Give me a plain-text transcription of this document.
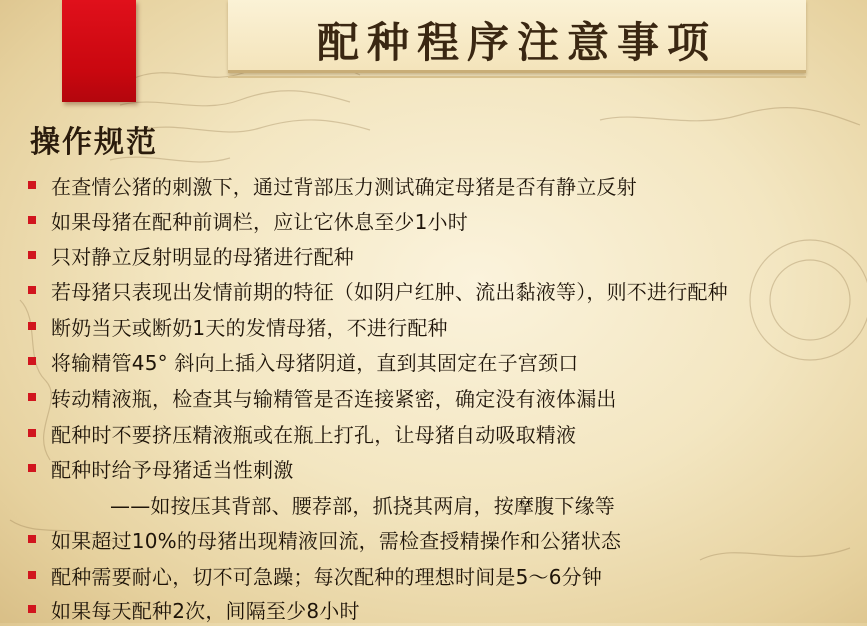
配种程序注意事项
操作规范
在查情公猪的刺激下，通过背部压力测试确定母猪是否有静立反射
如果母猪在配种前调栏，应让它休息至少1小时
只对静立反射明显的母猪进行配种
若母猪只表现出发情前期的特征（如阴户红肿、流出黏液等），则不进行配种
断奶当天或断奶1天的发情母猪，不进行配种
将输精管45° 斜向上插入母猪阴道，直到其固定在子宫颈口
转动精液瓶，检查其与输精管是否连接紧密，确定没有液体漏出
配种时不要挤压精液瓶或在瓶上打孔，让母猪自动吸取精液
配种时给予母猪适当性刺激
——如按压其背部、腰荐部，抓挠其两肩，按摩腹下缘等
如果超过10%的母猪出现精液回流，需检查授精操作和公猪状态
配种需要耐心，切不可急躁；每次配种的理想时间是5～6分钟
如果每天配种2次，间隔至少8小时
